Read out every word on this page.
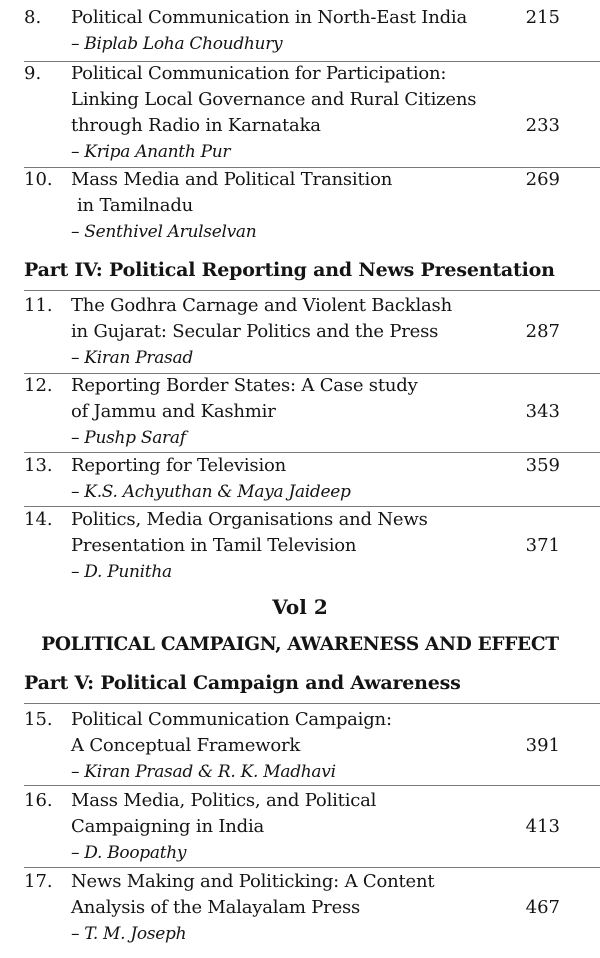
8. Political Communication in North-East India
– Biplab Loha Choudhury
215
9. Political Communication for Participation:
Linking Local Governance and Rural Citizens
through Radio in Karnataka
– Kripa Ananth Pur
233
10. Mass Media and Political Transition
in Tamilnadu
– Senthivel Arulselvan
269
Part IV: Political Reporting and News Presentation
11. The Godhra Carnage and Violent Backlash
in Gujarat: Secular Politics and the Press
– Kiran Prasad
287
12. Reporting Border States: A Case study
of Jammu and Kashmir
– Pushp Saraf
343
13. Reporting for Television
– K.S. Achyuthan & Maya Jaideep
359
14. Politics, Media Organisations and News
Presentation in Tamil Television
– D. Punitha
371
Vol 2
POLITICAL CAMPAIGN, AWARENESS AND EFFECT
Part V: Political Campaign and Awareness
15. Political Communication Campaign:
A Conceptual Framework
– Kiran Prasad & R. K. Madhavi
391
16. Mass Media, Politics, and Political
Campaigning in India
– D. Boopathy
413
17. News Making and Politicking: A Content
Analysis of the Malayalam Press
– T. M. Joseph
467
